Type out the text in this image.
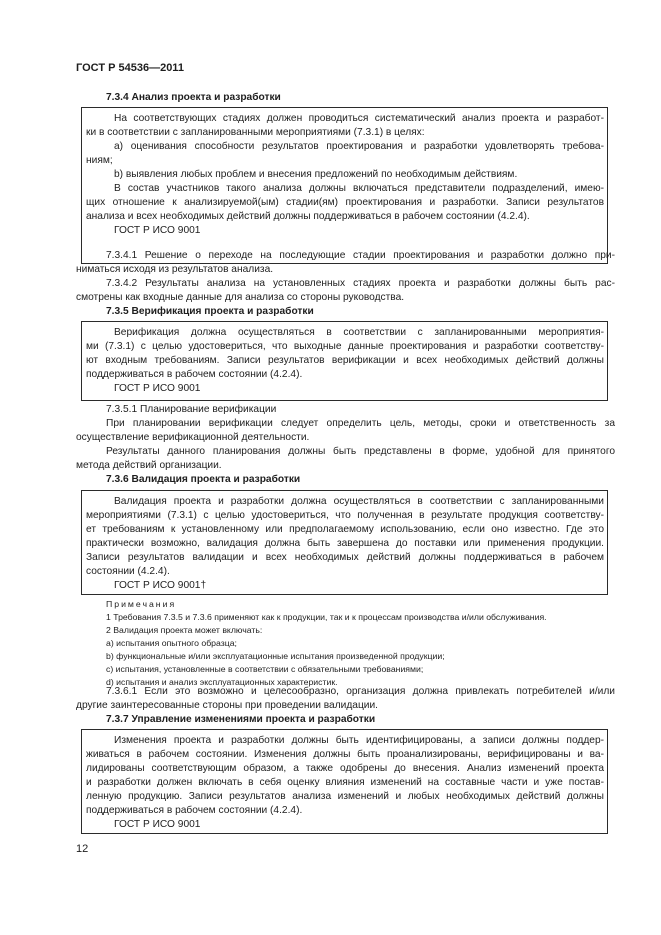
ГОСТ Р 54536—2011
7.3.4 Анализ проекта и разработки
На соответствующих стадиях должен проводиться систематический анализ проекта и разработ-
ки в соответствии с запланированными мероприятиями (7.3.1) в целях:
а) оценивания способности результатов проектирования и разработки удовлетворять требова-
ниям;
b) выявления любых проблем и внесения предложений по необходимым действиям.
В состав участников такого анализа должны включаться представители подразделений, имею-
щих отношение к анализируемой(ым) стадии(ям) проектирования и разработки. Записи результатов
анализа и всех необходимых действий должны поддерживаться в рабочем состоянии (4.2.4).
ГОСТ Р ИСО 9001
7.3.4.1 Решение о переходе на последующие стадии проектирования и разработки должно при-
ниматься исходя из результатов анализа.
7.3.4.2 Результаты анализа на установленных стадиях проекта и разработки должны быть рас-
смотрены как входные данные для анализа со стороны руководства.
7.3.5 Верификация проекта и разработки
Верификация должна осуществляться в соответствии с запланированными мероприятия-
ми (7.3.1) с целью удостовериться, что выходные данные проектирования и разработки соответству-
ют входным требованиям. Записи результатов верификации и всех необходимых действий должны
поддерживаться в рабочем состоянии (4.2.4).
ГОСТ Р ИСО 9001
7.3.5.1 Планирование верификации
При планировании верификации следует определить цель, методы, сроки и ответственность за
осуществление верификационной деятельности.
Результаты данного планирования должны быть представлены в форме, удобной для принятого
метода действий организации.
7.3.6 Валидация проекта и разработки
Валидация проекта и разработки должна осуществляться в соответствии с запланированными
мероприятиями (7.3.1) с целью удостовериться, что полученная в результате продукция соответству-
ет требованиям к установленному или предполагаемому использованию, если оно известно. Где это
практически возможно, валидация должна быть завершена до поставки или применения продукции.
Записи результатов валидации и всех необходимых действий должны поддерживаться в рабочем
состоянии (4.2.4).
ГОСТ Р ИСО 9001†
Примечания
1 Требования 7.3.5 и 7.3.6 применяют как к продукции, так и к процессам производства и/или обслуживания.
2 Валидация проекта может включать:
а) испытания опытного образца;
b) функциональные и/или эксплуатационные испытания произведенной продукции;
c) испытания, установленные в соответствии с обязательными требованиями;
d) испытания и анализ эксплуатационных характеристик.
7.3.6.1 Если это возможно и целесообразно, организация должна привлекать потребителей и/или
другие заинтересованные стороны при проведении валидации.
7.3.7 Управление изменениями проекта и разработки
Изменения проекта и разработки должны быть идентифицированы, а записи должны поддер-
живаться в рабочем состоянии. Изменения должны быть проанализированы, верифицированы и ва-
лидированы соответствующим образом, а также одобрены до внесения. Анализ изменений проекта
и разработки должен включать в себя оценку влияния изменений на составные части и уже постав-
ленную продукцию. Записи результатов анализа изменений и любых необходимых действий должны
поддерживаться в рабочем состоянии (4.2.4).
ГОСТ Р ИСО 9001
12
